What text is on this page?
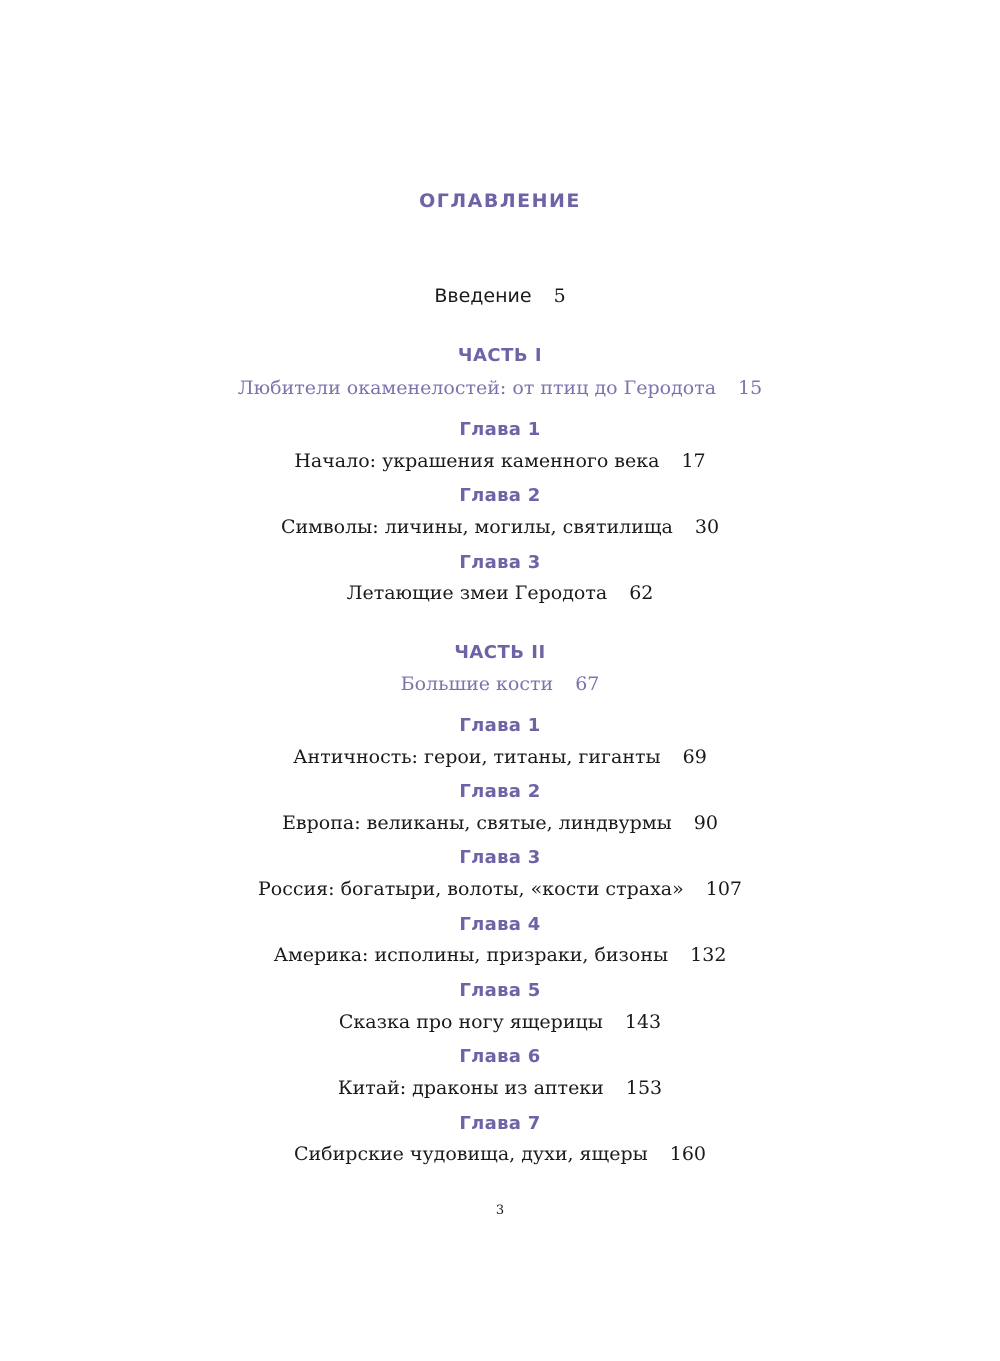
ОГЛАВЛЕНИЕ
Введение 5
ЧАСТЬ I
Любители окаменелостей: от птиц до Геродота 15
Глава 1
Начало: украшения каменного века 17
Глава 2
Символы: личины, могилы, святилища 30
Глава 3
Летающие змеи Геродота 62
ЧАСТЬ II
Большие кости 67
Глава 1
Античность: герои, титаны, гиганты 69
Глава 2
Европа: великаны, святые, линдвурмы 90
Глава 3
Россия: богатыри, волоты, «кости страха» 107
Глава 4
Америка: исполины, призраки, бизоны 132
Глава 5
Сказка про ногу ящерицы 143
Глава 6
Китай: драконы из аптеки 153
Глава 7
Сибирские чудовища, духи, ящеры 160
3
